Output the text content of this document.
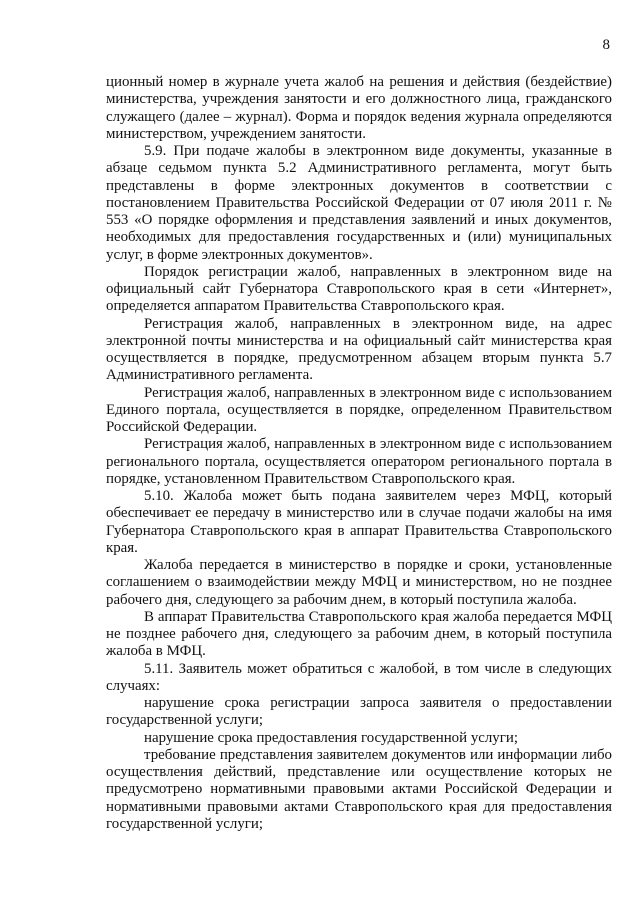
8

ционный номер в журнале учета жалоб на решения и действия (бездействие) министерства, учреждения занятости и его должностного лица, гражданского служащего (далее – журнал). Форма и порядок ведения журнала определяются министерством, учреждением занятости.

5.9. При подаче жалобы в электронном виде документы, указанные в абзаце седьмом пункта 5.2 Административного регламента, могут быть представлены в форме электронных документов в соответствии с постановлением Правительства Российской Федерации от 07 июля 2011 г. № 553 «О порядке оформления и представления заявлений и иных документов, необходимых для предоставления государственных и (или) муниципальных услуг, в форме электронных документов».

Порядок регистрации жалоб, направленных в электронном виде на официальный сайт Губернатора Ставропольского края в сети «Интернет», определяется аппаратом Правительства Ставропольского края.

Регистрация жалоб, направленных в электронном виде, на адрес электронной почты министерства и на официальный сайт министерства края осуществляется в порядке, предусмотренном абзацем вторым пункта 5.7 Административного регламента.

Регистрация жалоб, направленных в электронном виде с использованием Единого портала, осуществляется в порядке, определенном Правительством Российской Федерации.

Регистрация жалоб, направленных в электронном виде с использованием регионального портала, осуществляется оператором регионального портала в порядке, установленном Правительством Ставропольского края.

5.10. Жалоба может быть подана заявителем через МФЦ, который обеспечивает ее передачу в министерство или в случае подачи жалобы на имя Губернатора Ставропольского края в аппарат Правительства Ставропольского края.

Жалоба передается в министерство в порядке и сроки, установленные соглашением о взаимодействии между МФЦ и министерством, но не позднее рабочего дня, следующего за рабочим днем, в который поступила жалоба.

В аппарат Правительства Ставропольского края жалоба передается МФЦ не позднее рабочего дня, следующего за рабочим днем, в который поступила жалоба в МФЦ.

5.11. Заявитель может обратиться с жалобой, в том числе в следующих случаях:

нарушение срока регистрации запроса заявителя о предоставлении государственной услуги;

нарушение срока предоставления государственной услуги;

требование представления заявителем документов или информации либо осуществления действий, представление или осуществление которых не предусмотрено нормативными правовыми актами Российской Федерации и нормативными правовыми актами Ставропольского края для предоставления государственной услуги;
